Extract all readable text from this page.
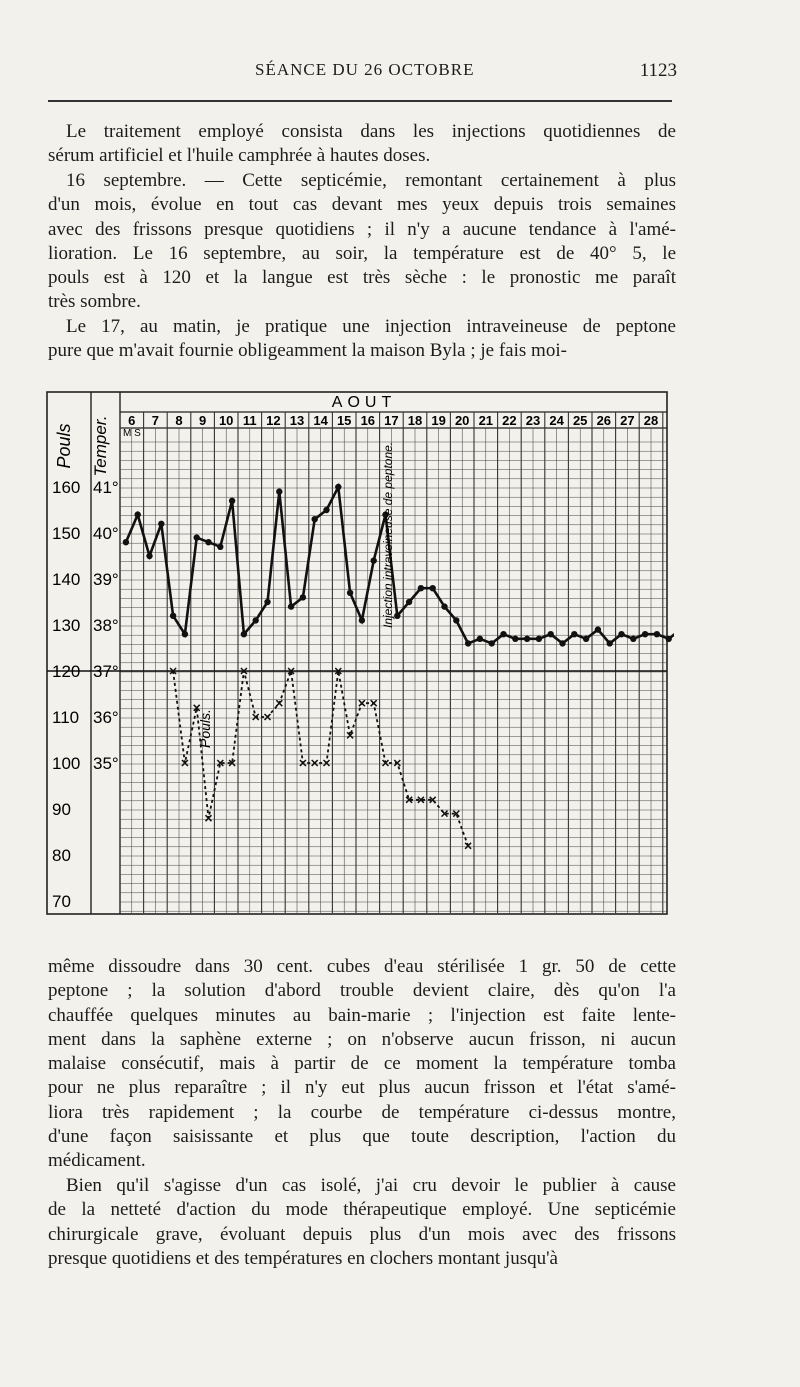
SÉANCE DU 26 OCTOBRE	1123
Le traitement employé consista dans les injections quotidiennes de
sérum artificiel et l'huile camphrée à hautes doses.
16 septembre. — Cette septicémie, remontant certainement à plus
d'un mois, évolue en tout cas devant mes yeux depuis trois semaines
avec des frissons presque quotidiens ; il n'y a aucune tendance à l'amé-
lioration. Le 16 septembre, au soir, la température est de 40° 5, le
pouls est à 120 et la langue est très sèche : le pronostic me paraît
très sombre.
Le 17, au matin, je pratique une injection intraveineuse de peptone
pure que m'avait fournie obligeamment la maison Byla ; je fais moi-
AOUT
6 7 8 9 10 11 12 13 14 15 16 17 18 19 20 21 22 23 24 25 26 27 28
M S
Pouls Temper.
160
150
140
130
120
110
100
90
80
70
41°
40°
39°
38°
37°
36°
35°
Injection intraveineuse de peptone.
Pouls.
même dissoudre dans 30 cent. cubes d'eau stérilisée 1 gr. 50 de cette
peptone ; la solution d'abord trouble devient claire, dès qu'on l'a
chauffée quelques minutes au bain-marie ; l'injection est faite lente-
ment dans la saphène externe ; on n'observe aucun frisson, ni aucun
malaise consécutif, mais à partir de ce moment la température tomba
pour ne plus reparaître ; il n'y eut plus aucun frisson et l'état s'amé-
liora très rapidement ; la courbe de température ci-dessus montre,
d'une façon saisissante et plus que toute description, l'action du
médicament.
Bien qu'il s'agisse d'un cas isolé, j'ai cru devoir le publier à cause
de la netteté d'action du mode thérapeutique employé. Une septicémie
chirurgicale grave, évoluant depuis plus d'un mois avec des frissons
presque quotidiens et des températures en clochers montant jusqu'à
